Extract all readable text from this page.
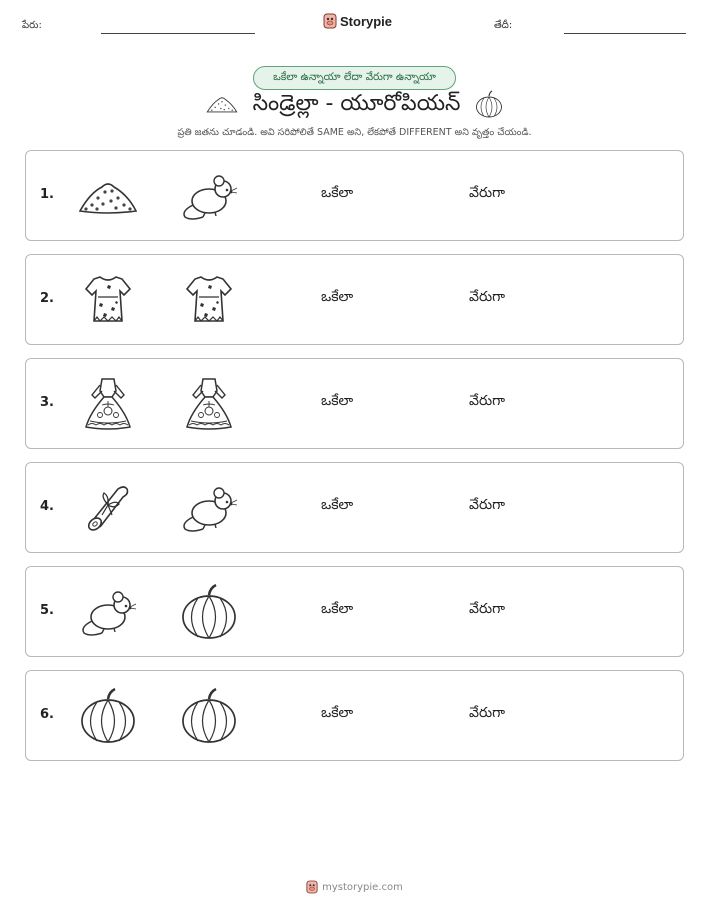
పేరు:	Storypie	తేదీ:
ఒకేలా ఉన్నాయా లేదా వేరుగా ఉన్నాయా
సిండ్రెల్లా - యూరోపియన్
ప్రతి జతను చూడండి. అవి సరిపోలితే SAME అని, లేకపోతే DIFFERENT అని వృత్తం చేయండి.
1.	ఒకేలా	వేరుగా
2.	ఒకేలా	వేరుగా
3.	ఒకేలా	వేరుగా
4.	ఒకేలా	వేరుగా
5.	ఒకేలా	వేరుగా
6.	ఒకేలా	వేరుగా
mystorypie.com
